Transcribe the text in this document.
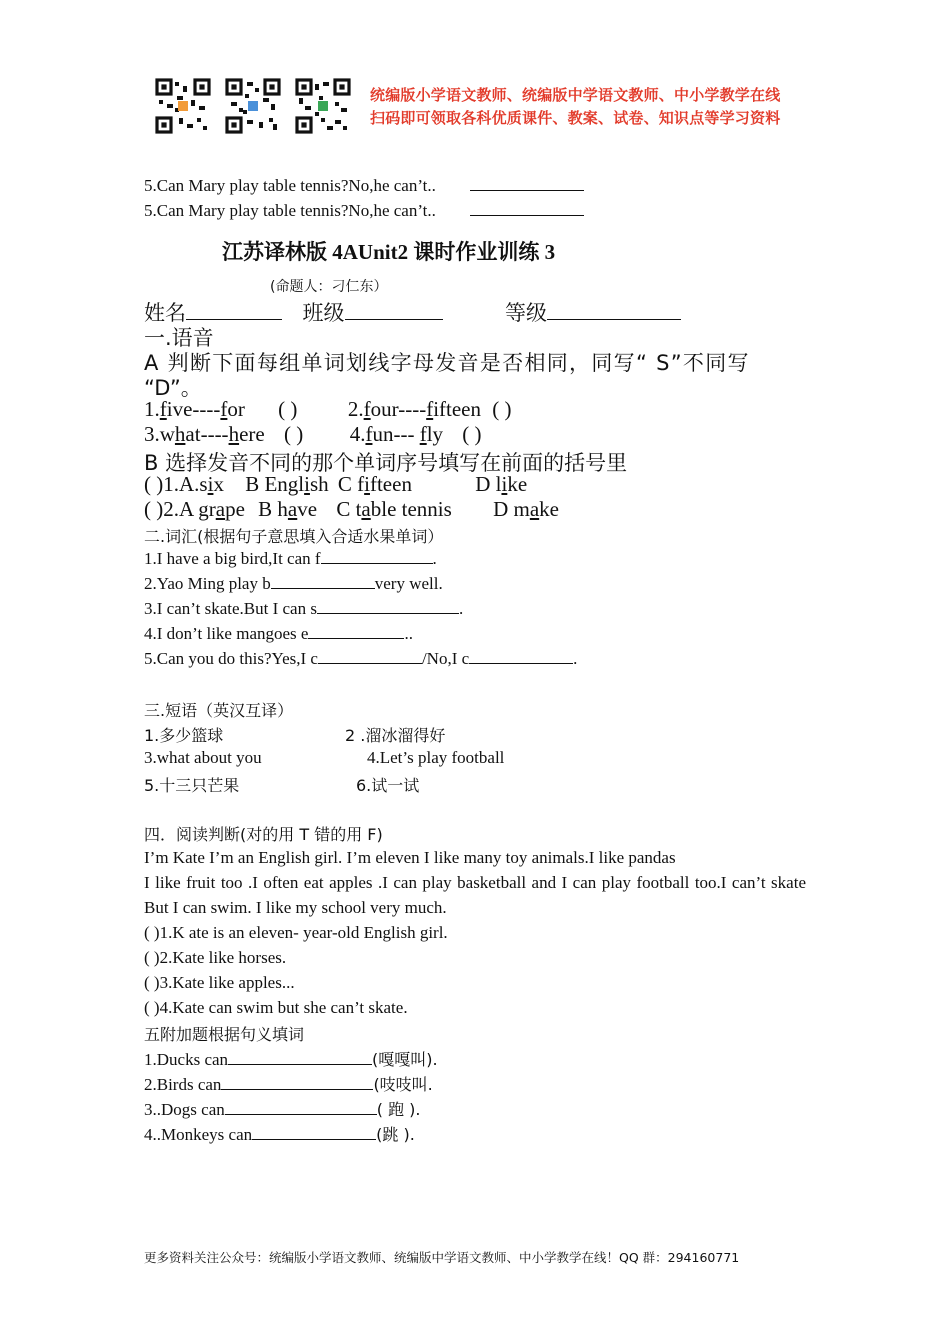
统编版小学语文教师、统编版中学语文教师、中小学教学在线
扫码即可领取各科优质课件、教案、试卷、知识点等学习资料
5.Can Mary play table tennis?No,he can’t..
5.Can Mary play table tennis?No,he can’t..
江苏译林版 4AUnit2 课时作业训练 3
(命题人：刁仁东）
姓名	班级	等级
一.语音
A 判断下面每组单词划线字母发音是否相同，同写“ S”不同写
“D”。
1.five----for ( ) 2.four----fifteen ( )
3.what----here ( ) 4.fun--- fly ( )
B 选择发音不同的那个单词序号填写在前面的括号里
( )1.A.six B English C fifteen	D like
( )2.A grape B have C table tennis D make
二.词汇(根据句子意思填入合适水果单词）
1.I have a big bird,It can f	.
2.Yao Ming play b	very well.
3.I can’t skate.But I can s	.
4.I don’t like mangoes e	..
5.Can you do this?Yes,I c	/No,I c	.
三.短语（英汉互译）
1.多少篮球	2 .溜冰溜得好
3.what about you	4.Let’s play football
5.十三只芒果	6.试一试
四．阅读判断(对的用 T 错的用 F)
I’m Kate I’m an English girl. I’m eleven I like many toy animals.I like pandas
I like fruit too .I often eat apples .I can play basketball and I can play football too.I can’t skate But I can swim. I like my school very much.
( )1.K ate is an eleven- year-old English girl.
( )2.Kate like horses.
( )3.Kate like apples...
( )4.Kate can swim but she can’t skate.
五附加题根据句义填词
1.Ducks can	(嘎嘎叫).
2.Birds can	(吱吱叫.
3..Dogs can	( 跑 ).
4..Monkeys can	(跳 ).
更多资料关注公众号：统编版小学语文教师、统编版中学语文教师、中小学教学在线！QQ 群：294160771
